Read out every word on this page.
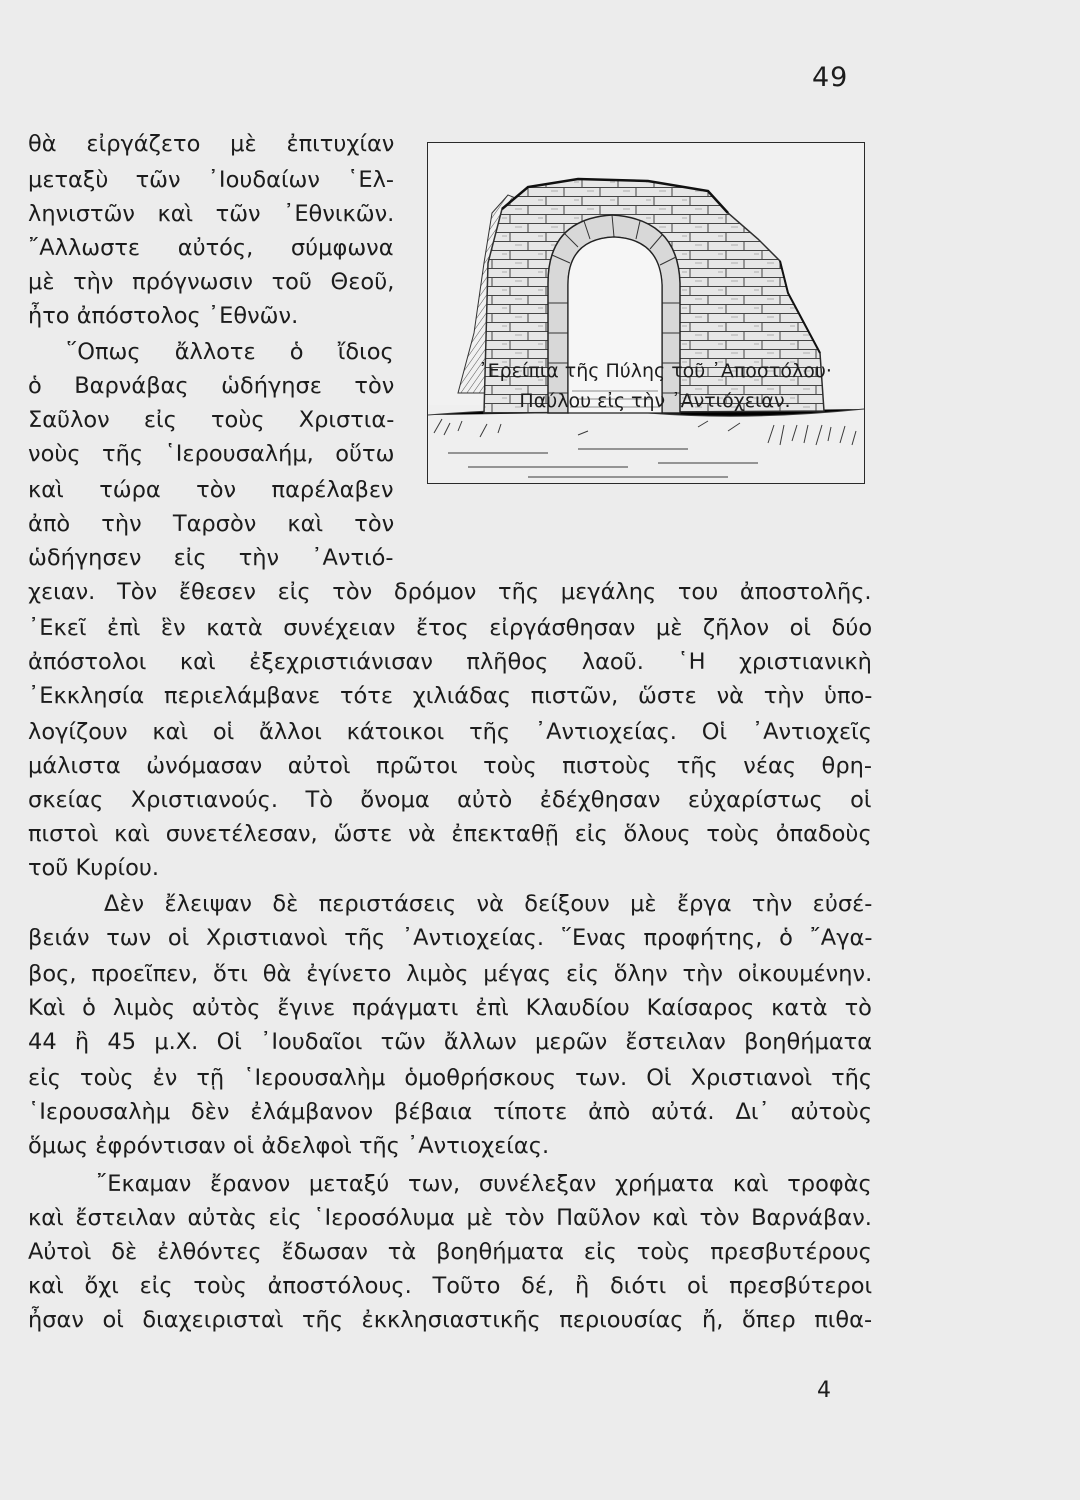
49
᾿Ερείπια τῆς Πύλης τοῦ ᾿Αποστόλου·
Παύλου εἰς τὴν ᾿Αντιόχειαν.
θὰ εἰργάζετο μὲ ἐπιτυχίαν
μεταξὺ τῶν ᾿Ιουδαίων ῾Ελ-
ληνιστῶν καὶ τῶν ᾿Εθνικῶν.
῎Αλλωστε αὐτός, σύμφωνα
μὲ τὴν πρόγνωσιν τοῦ Θεοῦ,
ἦτο ἀπόστολος ᾿Εθνῶν.
῞Οπως ἄλλοτε ὁ ἴδιος
ὁ Βαρνάβας ὡδήγησε τὸν
Σαῦλον εἰς τοὺς Χριστια-
νοὺς τῆς ῾Ιερουσαλήμ, οὕτω
καὶ τώρα τὸν παρέλαβεν
ἀπὸ τὴν Ταρσὸν καὶ τὸν
ὡδήγησεν εἰς τὴν ᾿Αντιό-
χειαν. Τὸν ἔθεσεν εἰς τὸν δρόμον τῆς μεγάλης του ἀποστολῆς.
᾿Εκεῖ ἐπὶ ἓν κατὰ συνέχειαν ἔτος εἰργάσθησαν μὲ ζῆλον οἱ δύο
ἀπόστολοι καὶ ἐξεχριστιάνισαν πλῆθος λαοῦ. ῾Η χριστιανικὴ
᾿Εκκλησία περιελάμβανε τότε χιλιάδας πιστῶν, ὥστε νὰ τὴν ὑπο-
λογίζουν καὶ οἱ ἄλλοι κάτοικοι τῆς ᾿Αντιοχείας. Οἱ ᾿Αντιοχεῖς
μάλιστα ὠνόμασαν αὐτοὶ πρῶτοι τοὺς πιστοὺς τῆς νέας θρη-
σκείας Χριστιανούς. Τὸ ὄνομα αὐτὸ ἐδέχθησαν εὐχαρίστως οἱ
πιστοὶ καὶ συνετέλεσαν, ὥστε νὰ ἐπεκταθῇ εἰς ὅλους τοὺς ὀπαδοὺς
τοῦ Κυρίου.
Δὲν ἔλειψαν δὲ περιστάσεις νὰ δείξουν μὲ ἔργα τὴν εὐσέ-
βειάν των οἱ Χριστιανοὶ τῆς ᾿Αντιοχείας. ῞Ενας προφήτης, ὁ ῎Αγα-
βος, προεῖπεν, ὅτι θὰ ἐγίνετο λιμὸς μέγας εἰς ὅλην τὴν οἰκουμένην.
Καὶ ὁ λιμὸς αὐτὸς ἔγινε πράγματι ἐπὶ Κλαυδίου Καίσαρος κατὰ τὸ
44 ἢ 45 μ.Χ. Οἱ ᾿Ιουδαῖοι τῶν ἄλλων μερῶν ἔστειλαν βοηθήματα
εἰς τοὺς ἐν τῇ ῾Ιερουσαλὴμ ὁμοθρήσκους των. Οἱ Χριστιανοὶ τῆς
῾Ιερουσαλὴμ δὲν ἐλάμβανον βέβαια τίποτε ἀπὸ αὐτά. Δι᾿ αὐτοὺς
ὅμως ἐφρόντισαν οἱ ἀδελφοὶ τῆς ᾿Αντιοχείας.
῎Εκαμαν ἔρανον μεταξύ των, συνέλεξαν χρήματα καὶ τροφὰς
καὶ ἔστειλαν αὐτὰς εἰς ῾Ιεροσόλυμα μὲ τὸν Παῦλον καὶ τὸν Βαρνάβαν.
Αὐτοὶ δὲ ἐλθόντες ἔδωσαν τὰ βοηθήματα εἰς τοὺς πρεσβυτέρους
καὶ ὄχι εἰς τοὺς ἀποστόλους. Τοῦτο δέ, ἢ διότι οἱ πρεσβύτεροι
ἦσαν οἱ διαχειρισταὶ τῆς ἐκκλησιαστικῆς περιουσίας ἤ, ὅπερ πιθα-
4
